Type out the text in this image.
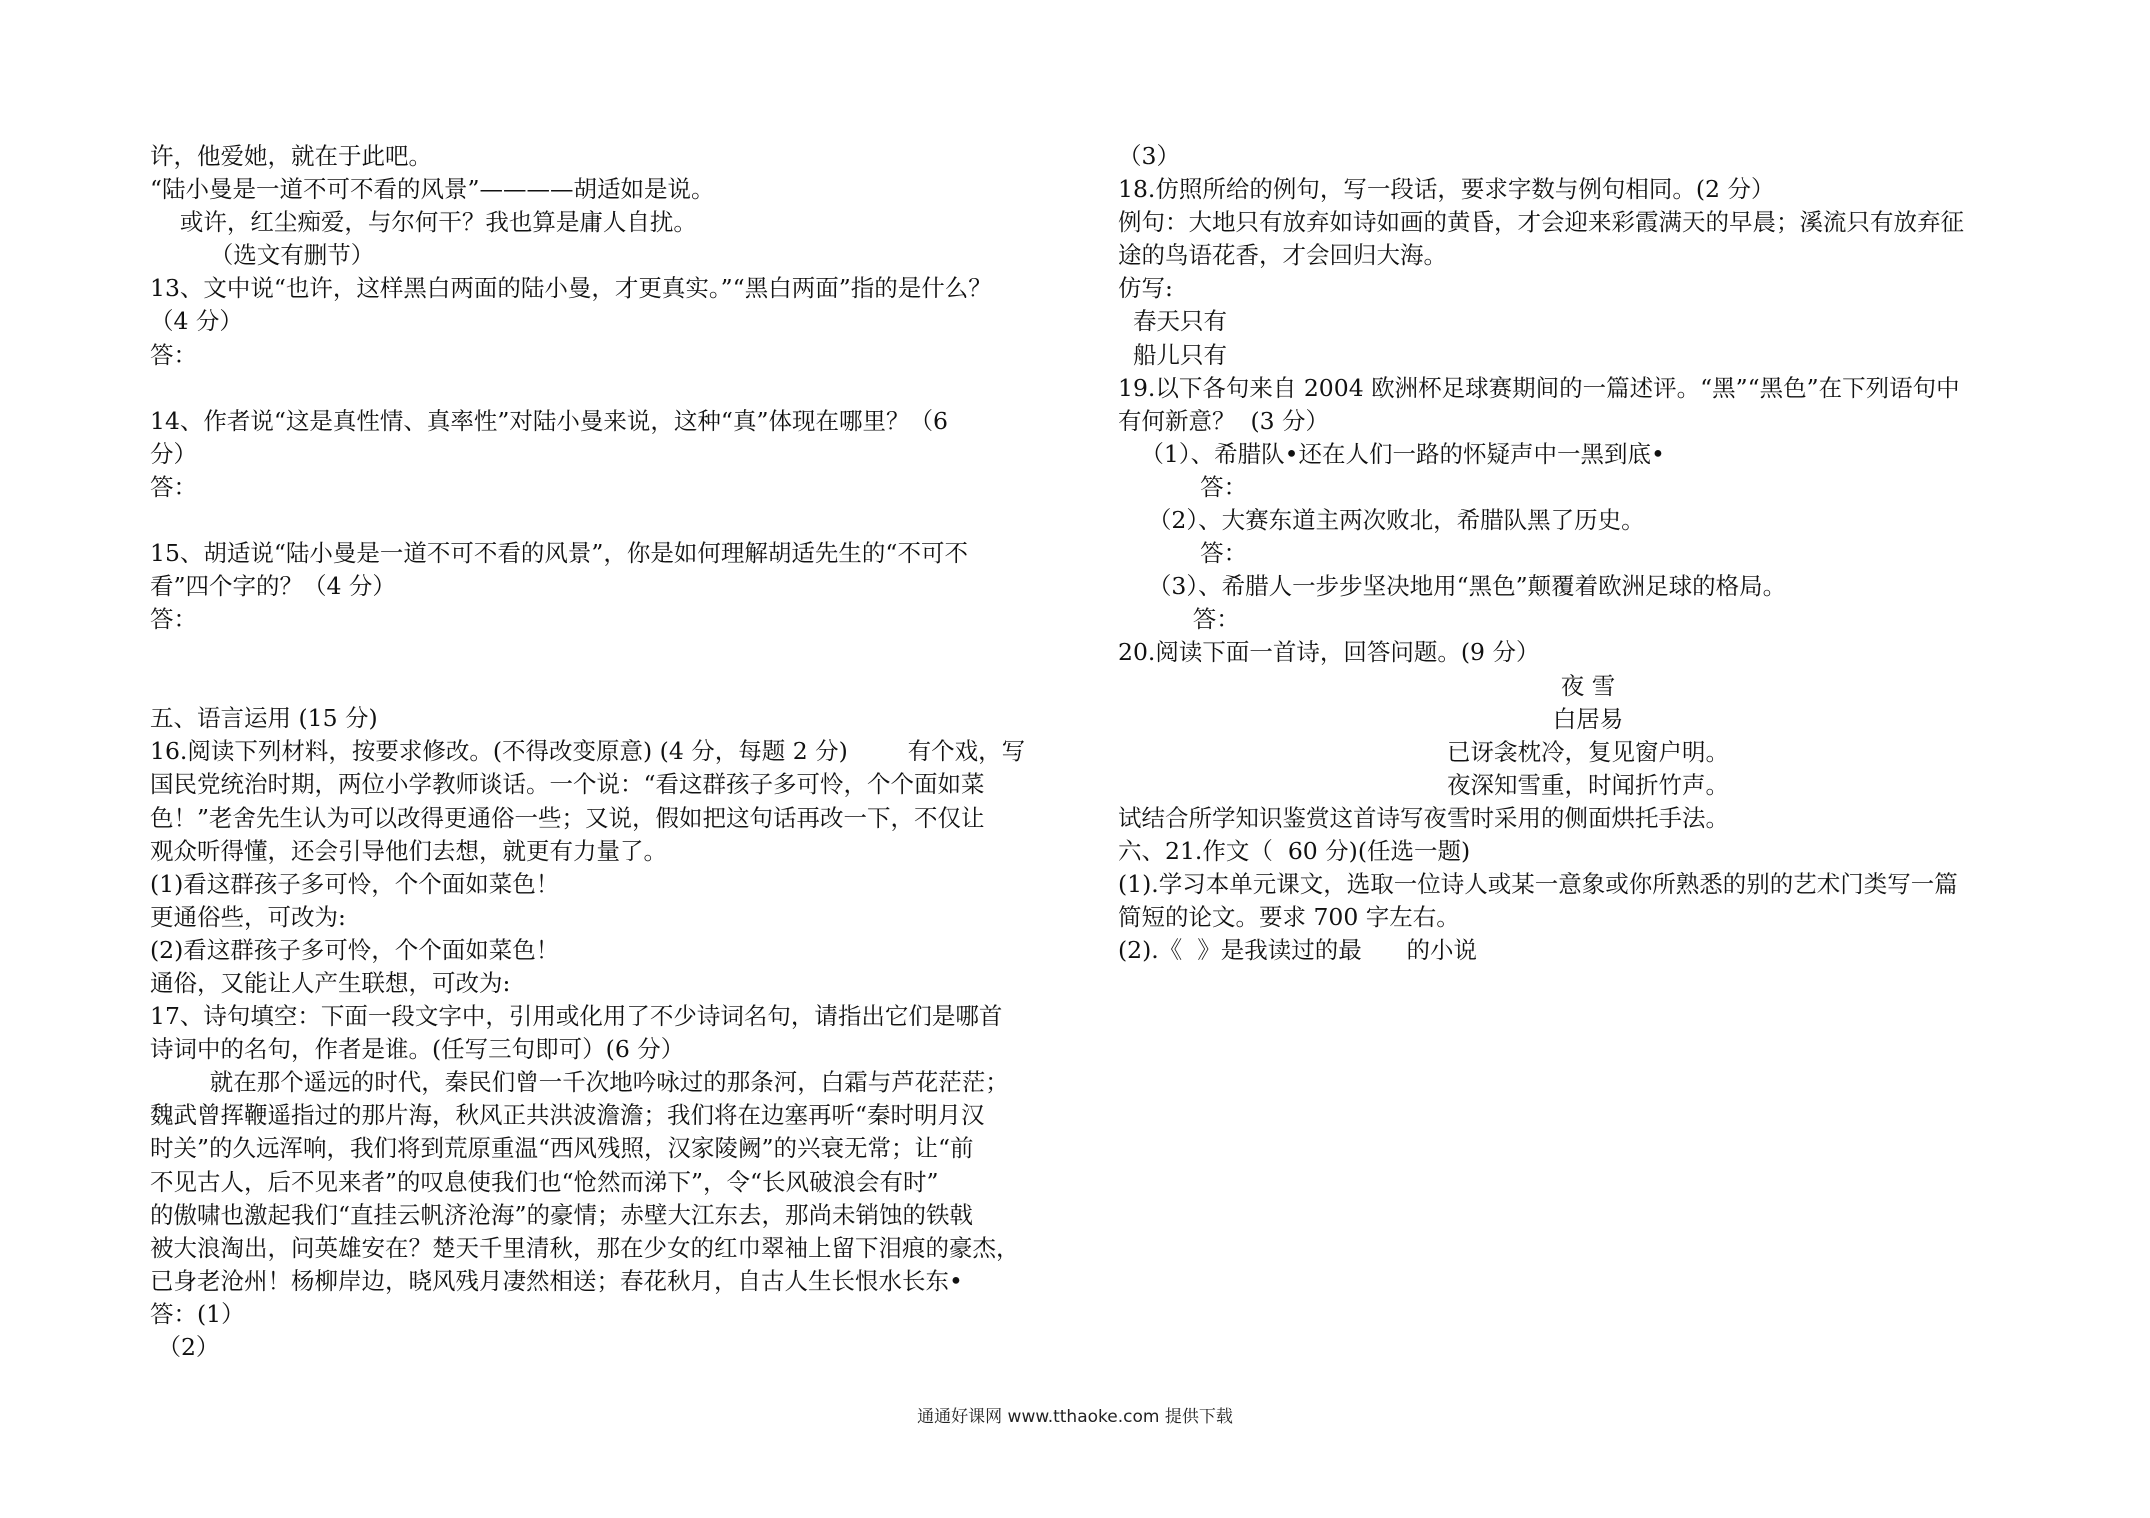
许，他爱她，就在于此吧。
“陆小曼是一道不可不看的风景”————胡适如是说。
或许，红尘痴爱，与尔何干？我也算是庸人自扰。
（选文有删节）
13、文中说“也许，这样黑白两面的陆小曼，才更真实。”“黑白两面”指的是什么？
（4 分）
答：
14、作者说“这是真性情、真率性”对陆小曼来说，这种“真”体现在哪里？（6
分）
答：
15、胡适说“陆小曼是一道不可不看的风景”，你是如何理解胡适先生的“不可不
看”四个字的？（4 分）
答：
五、语言运用 (15 分)
16.阅读下列材料，按要求修改。(不得改变原意) (4 分，每题 2 分)        有个戏，写
国民党统治时期，两位小学教师谈话。一个说：“看这群孩子多可怜，个个面如菜
色！”老舍先生认为可以改得更通俗一些；又说，假如把这句话再改一下，不仅让
观众听得懂，还会引导他们去想，就更有力量了。
(1)看这群孩子多可怜，个个面如菜色！
更通俗些，可改为:
(2)看这群孩子多可怜，个个面如菜色！
通俗，又能让人产生联想，可改为:
17、诗句填空：下面一段文字中，引用或化用了不少诗词名句，请指出它们是哪首
诗词中的名句，作者是谁。(任写三句即可）(6 分）
就在那个遥远的时代，秦民们曾一千次地吟咏过的那条河，白霜与芦花茫茫；
魏武曾挥鞭遥指过的那片海，秋风正共洪波澹澹；我们将在边塞再听“秦时明月汉
时关”的久远浑响，我们将到荒原重温“西风残照，汉家陵阙”的兴衰无常；让“前
不见古人，后不见来者”的叹息使我们也“怆然而涕下”，令“长风破浪会有时”
的傲啸也激起我们“直挂云帆济沧海”的豪情；赤壁大江东去，那尚未销蚀的铁戟
被大浪淘出，问英雄安在？楚天千里清秋，那在少女的红巾翠袖上留下泪痕的豪杰，
已身老沧州！杨柳岸边，晓风残月凄然相送；春花秋月，自古人生长恨水长东•
答：(1）
（2）
（3）
18.仿照所给的例句，写一段话，要求字数与例句相同。(2 分）
例句：大地只有放弃如诗如画的黄昏，才会迎来彩霞满天的早晨；溪流只有放弃征
途的鸟语花香，才会回归大海。
仿写:
春天只有
船儿只有
19.以下各句来自 2004 欧洲杯足球赛期间的一篇述评。“黑”“黑色”在下列语句中
有何新意？  (3 分）
（1）、希腊队•还在人们一路的怀疑声中一黑到底•
答：
（2）、大赛东道主两次败北，希腊队黑了历史。
答：
（3）、希腊人一步步坚决地用“黑色”颠覆着欧洲足球的格局。
答：
20.阅读下面一首诗，回答问题。(9 分）
夜 雪
白居易
已讶衾枕冷，复见窗户明。
夜深知雪重，时闻折竹声。
试结合所学知识鉴赏这首诗写夜雪时采用的侧面烘托手法。
六、21.作文（  60 分)(任选一题)
(1).学习本单元课文，选取一位诗人或某一意象或你所熟悉的别的艺术门类写一篇
简短的论文。要求 700 字左右。
(2).《  》是我读过的最      的小说
通通好课网 www.tthaoke.com 提供下载
